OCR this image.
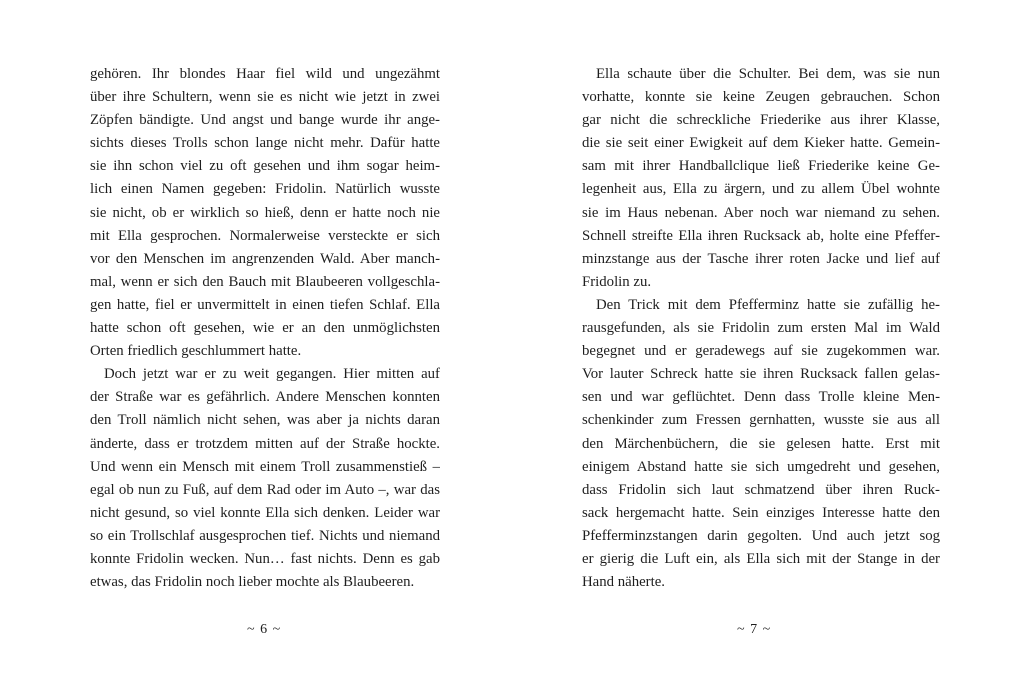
gehören. Ihr blondes Haar fiel wild und ungezähmt
über ihre Schultern, wenn sie es nicht wie jetzt in zwei
Zöpfen bändigte. Und angst und bange wurde ihr ange-
sichts dieses Trolls schon lange nicht mehr. Dafür hatte
sie ihn schon viel zu oft gesehen und ihm sogar heim-
lich einen Namen gegeben: Fridolin. Natürlich wusste
sie nicht, ob er wirklich so hieß, denn er hatte noch nie
mit Ella gesprochen. Normalerweise versteckte er sich
vor den Menschen im angrenzenden Wald. Aber manch-
mal, wenn er sich den Bauch mit Blaubeeren vollgeschla-
gen hatte, fiel er unvermittelt in einen tiefen Schlaf. Ella
hatte schon oft gesehen, wie er an den unmöglichsten
Orten friedlich geschlummert hatte.
Doch jetzt war er zu weit gegangen. Hier mitten auf
der Straße war es gefährlich. Andere Menschen konnten
den Troll nämlich nicht sehen, was aber ja nichts daran
änderte, dass er trotzdem mitten auf der Straße hockte.
Und wenn ein Mensch mit einem Troll zusammenstieß –
egal ob nun zu Fuß, auf dem Rad oder im Auto –, war das
nicht gesund, so viel konnte Ella sich denken. Leider war
so ein Trollschlaf ausgesprochen tief. Nichts und niemand
konnte Fridolin wecken. Nun… fast nichts. Denn es gab
etwas, das Fridolin noch lieber mochte als Blaubeeren.
~ 6 ~
Ella schaute über die Schulter. Bei dem, was sie nun
vorhatte, konnte sie keine Zeugen gebrauchen. Schon
gar nicht die schreckliche Friederike aus ihrer Klasse,
die sie seit einer Ewigkeit auf dem Kieker hatte. Gemein-
sam mit ihrer Handballclique ließ Friederike keine Ge-
legenheit aus, Ella zu ärgern, und zu allem Übel wohnte
sie im Haus nebenan. Aber noch war niemand zu sehen.
Schnell streifte Ella ihren Rucksack ab, holte eine Pfeffer-
minzstange aus der Tasche ihrer roten Jacke und lief auf
Fridolin zu.
Den Trick mit dem Pfefferminz hatte sie zufällig he-
rausgefunden, als sie Fridolin zum ersten Mal im Wald
begegnet und er geradewegs auf sie zugekommen war.
Vor lauter Schreck hatte sie ihren Rucksack fallen gelas-
sen und war geflüchtet. Denn dass Trolle kleine Men-
schenkinder zum Fressen gernhatten, wusste sie aus all
den Märchenbüchern, die sie gelesen hatte. Erst mit
einigem Abstand hatte sie sich umgedreht und gesehen,
dass Fridolin sich laut schmatzend über ihren Ruck-
sack hergemacht hatte. Sein einziges Interesse hatte den
Pfefferminzstangen darin gegolten. Und auch jetzt sog
er gierig die Luft ein, als Ella sich mit der Stange in der
Hand näherte.
~ 7 ~
